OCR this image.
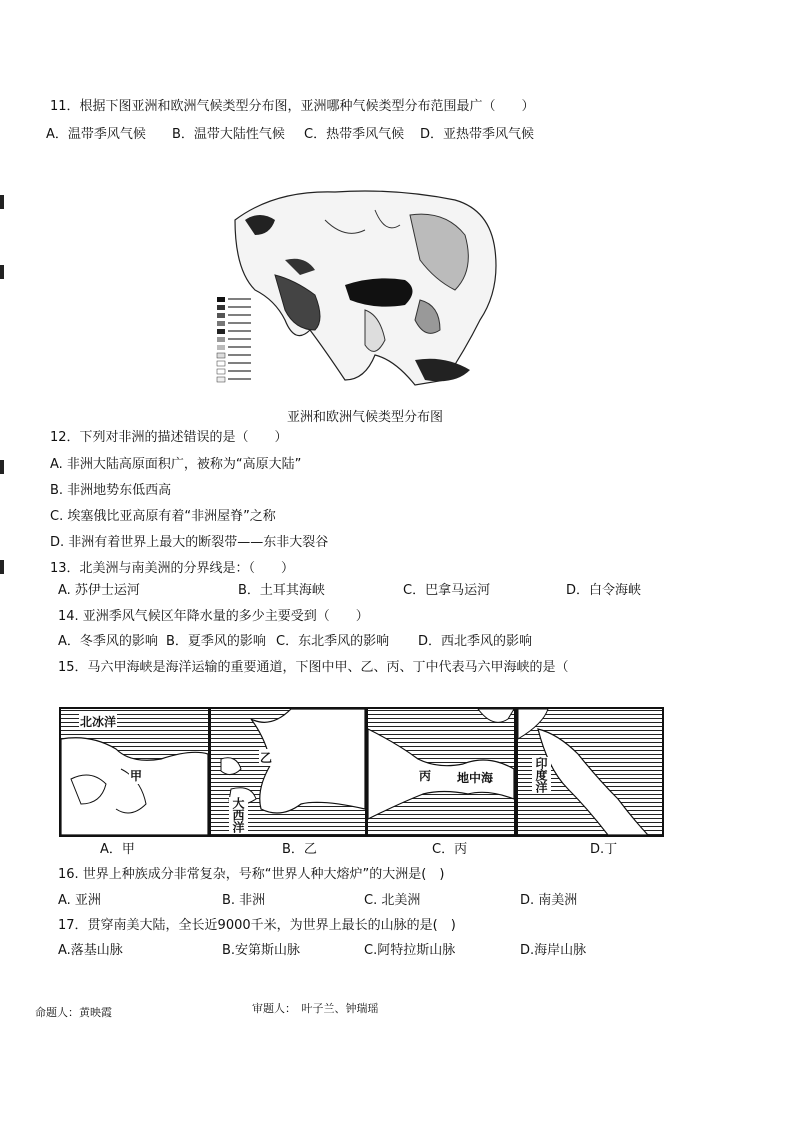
11．根据下图亚洲和欧洲气候类型分布图，亚洲哪种气候类型分布范围最广（　　）
A．温带季风气候 B．温带大陆性气候 C．热带季风气候 D．亚热带季风气候
亚洲和欧洲气候类型分布图
12．下列对非洲的描述错误的是（　　）
A. 非洲大陆高原面积广，被称为“高原大陆”
B. 非洲地势东低西高
C. 埃塞俄比亚高原有着“非洲屋脊”之称
D. 非洲有着世界上最大的断裂带——东非大裂谷
13．北美洲与南美洲的分界线是：（　　）
A. 苏伊士运河	B．土耳其海峡	C．巴拿马运河	D．白令海峡
14. 亚洲季风气候区年降水量的多少主要受到（　　）
A．冬季风的影响 B．夏季风的影响 C．东北季风的影响 D．西北季风的影响
15．马六甲海峡是海洋运输的重要通道，下图中甲、乙、丙、丁中代表马六甲海峡的是（
北冰洋
甲
A．甲
乙
大西洋
B．乙
丙 地中海
C．丙
印度洋
D.丁
16. 世界上种族成分非常复杂，号称“世界人种大熔炉”的大洲是(　)
A. 亚洲	B. 非洲	C. 北美洲	D. 南美洲
17．贯穿南美大陆，全长近9000千米，为世界上最长的山脉的是(　)
A.落基山脉	B.安第斯山脉	C.阿特拉斯山脉	D.海岸山脉
命题人：黄映霞	审题人：　叶子兰、钟瑞瑶
